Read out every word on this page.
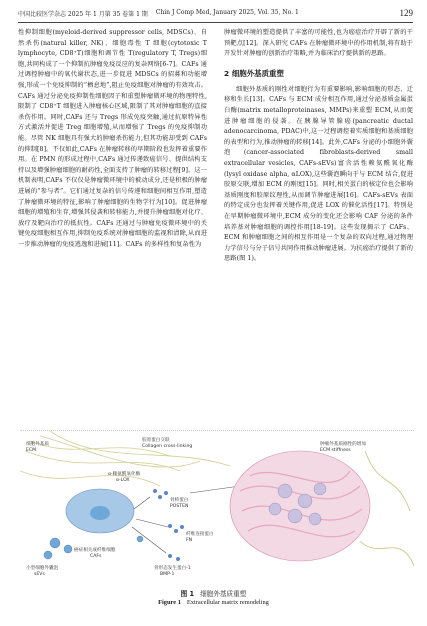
中国比较医学杂志 2025 年 1 月第 35 卷第 1 期 Chin J Comp Med, January 2025, Vol. 35, No. 1	129

性抑制细胞(myeloid-derived suppressor cells, MDSCs)、自然杀伤(natural killer, NK)、细胞毒性 T 细胞(cytotoxic T lymphocyte, CD8⁺T)细胞和调节性 T(regulatory T, Tregs)细胞,共同构成了一个抑制抗肿瘤免疫反应的复杂网络[6-7]。CAFs 通过调控肿瘤中的氧代谢状态,进一步促进 MDSCs 的招募和功能增强,形成一个免疫抑制的“栖息地”,阻止免疫细胞对肿瘤的有效攻击。CAFs 通过分泌免疫抑制性细胞因子和重塑肿瘤微环境的物理特性,限制了 CD8⁺T 细胞进入肿瘤核心区域,限制了其对肿瘤细胞的直接杀伤作用。同时,CAFs 还与 Tregs 形成免疫突触,通过抗原特异性方式激活并促进 Treg 细胞增殖,从而增强了 Tregs 的免疫抑制功能。尽管 NK 细胞具有强大的肿瘤杀伤能力,但其功能却受到 CAFs 的抑制[8]。不仅如此,CAFs 在肿瘤转移的早期阶段也发挥着重要作用。在 PMN 的形成过程中,CAFs 通过传递致癌信号、提供结构支持以及增强肿瘤细胞的耐药性,全面支持了肿瘤的转移过程[9]。这一机制表明,CAFs 不仅仅是肿瘤微环境中的被动成分,还是积极的肿瘤进展的“参与者”。它们通过复杂的信号传递和细胞间相互作用,塑造了肿瘤微环境的特征,影响了肿瘤细胞的生物学行为[10]。促进肿瘤细胞的增殖和生存,增强其侵袭和转移能力,并提升肿瘤细胞对化疗、放疗及靶向治疗的抵抗性。CAFs 还通过与肿瘤免疫微环境中的关键免疫细胞相互作用,抑制免疫系统对肿瘤细胞的监视和清除,从而进一步推动肿瘤的免疫逃逸和进展[11]。CAFs 的多样性和复杂性为

肿瘤微环境的塑造提供了丰富的可能性,也为癌症治疗开辟了新的干预靶点[12]。深入研究 CAFs 在肿瘤微环境中的作用机制,将有助于开发针对肿瘤的创新治疗策略,并为临床治疗提供新的思路。

2 细胞外基质重塑

细胞外基质的刚性对细胞行为有重要影响,影响细胞的形态、迁移和生长[13]。CAFs 与 ECM 成分相互作用,通过分泌基质金属蛋白酶(matrix metalloproteinases, MMPs)来重塑 ECM,从而促进肿瘤细胞的侵袭。在胰腺导管腺癌(pancreatic ductal adenocarcinoma, PDAC)中,这一过程调控着实质细胞和基质细胞的表型和行为,推动肿瘤的转移[14]。此外,CAFs 分泌的小细胞外囊泡(cancer-associated fibroblasts-derived small extracellular vesicles, CAFs-sEVs)富含活性赖氨酰氧化酶(lysyl oxidase alpha, αLOX),这些囊泡瞬向于与 ECM 结合,促进胶原交联,增加 ECM 的刚度[15]。同时,相关蛋白的核定位也会影响基质刚度和胶原纹理性,从而调节肿瘤进展[16]。CAFs-sEVs 表面的特定成分也发挥着关键作用,促进 LOX 的催化活性[17]。特别是在早期肿瘤微环境中,ECM 成分的变化还会影响 CAF 分泌的条件培养基对肿瘤细胞的调控作用[18-19]。这些发现揭示了 CAFs、ECM 和肿瘤细胞之间的相互作用是一个复杂的双向过程,通过物理力学信号与分子信号共同作用推动肿瘤进展。为抗癌治疗提供了新的思路(图 1)。

细胞外基质 ECM
胶原蛋白交联 Collagen cross-linking	肿瘤外基质刚性的增加 ECM stiffness
α-赖氨酰氧化酶 α-LOX
骨桥蛋白 POSTEN
纤维连接蛋白 FN
骨形态发生蛋白-1 BMP-1
小型细胞外囊泡 sEVs
癌症相关成纤维细胞 CAFs
图 1 细胞外基质重塑
Figure 1 Extracellular matrix remodeling
